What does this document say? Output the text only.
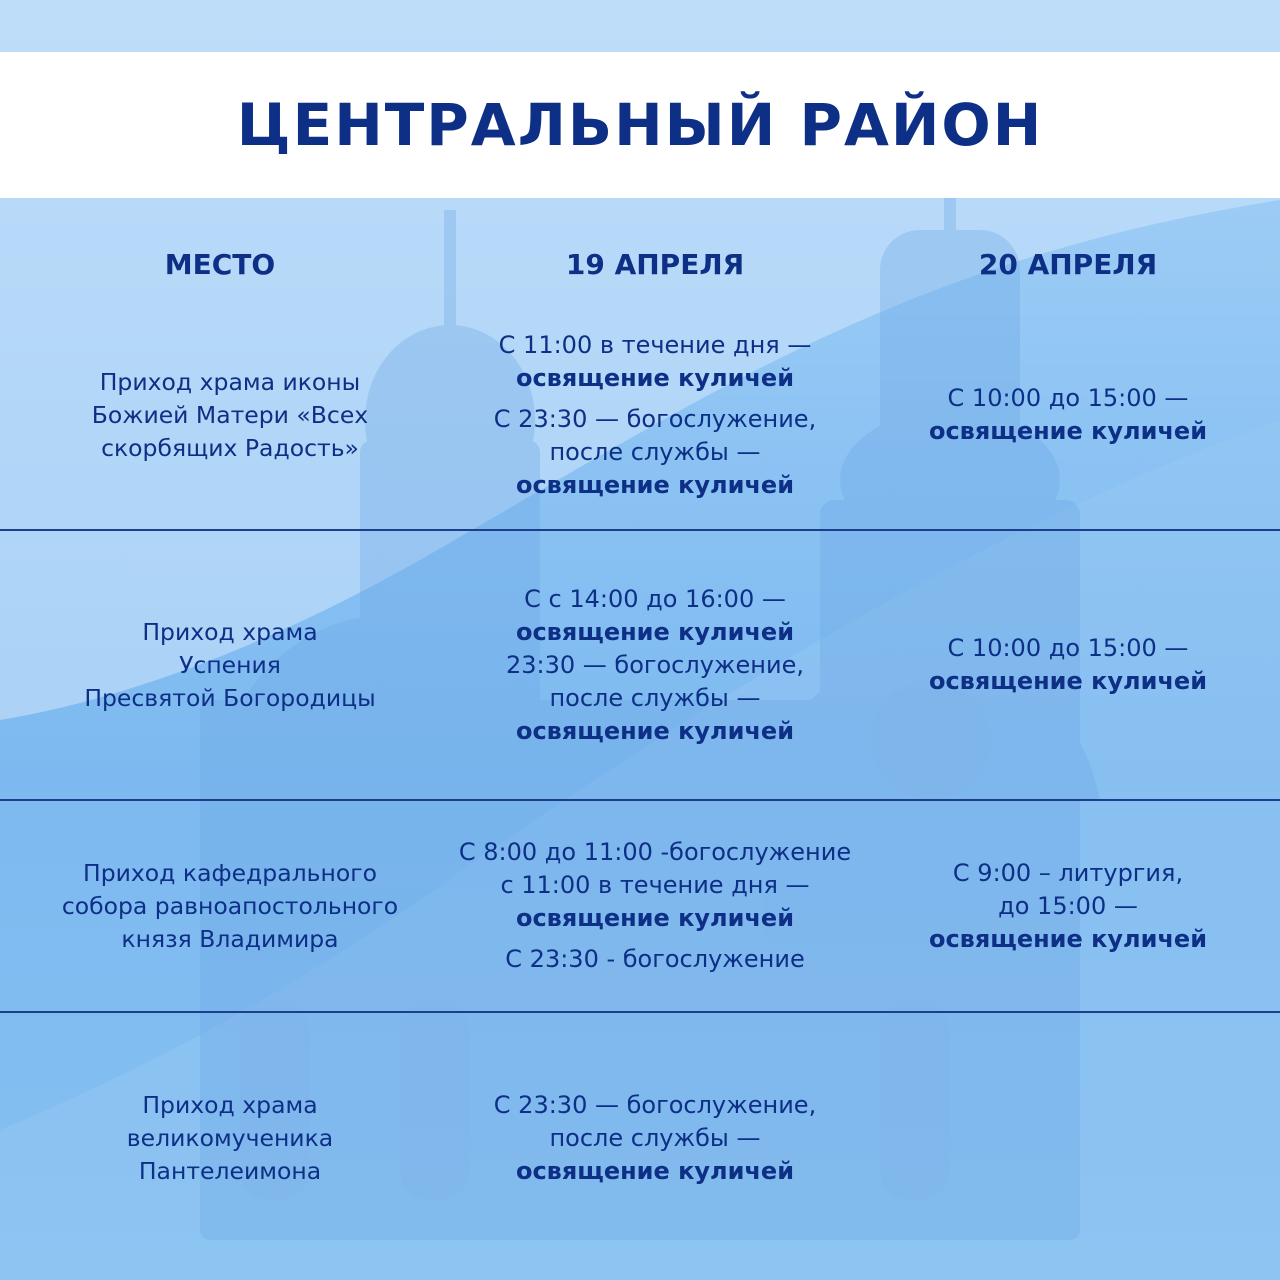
ЦЕНТРАЛЬНЫЙ РАЙОН
МЕСТО	19 АПРЕЛЯ	20 АПРЕЛЯ
Приход храма иконы
Божией Матери «Всех
скорбящих Радость»
С 11:00 в течение дня —
освящение куличей
С 23:30 — богослужение,
после службы —
освящение куличей
С 10:00 до 15:00 —
освящение куличей
Приход храма
Успения
Пресвятой Богородицы
С с 14:00 до 16:00 —
освящение куличей
23:30 — богослужение,
после службы —
освящение куличей
С 10:00 до 15:00 —
освящение куличей
Приход кафедрального
собора равноапостольного
князя Владимира
С 8:00 до 11:00 -богослужение
с 11:00 в течение дня —
освящение куличей
С 23:30 - богослужение
С 9:00 – литургия,
до 15:00 —
освящение куличей
Приход храма
великомученика
Пантелеимона
С 23:30 — богослужение,
после службы —
освящение куличей
